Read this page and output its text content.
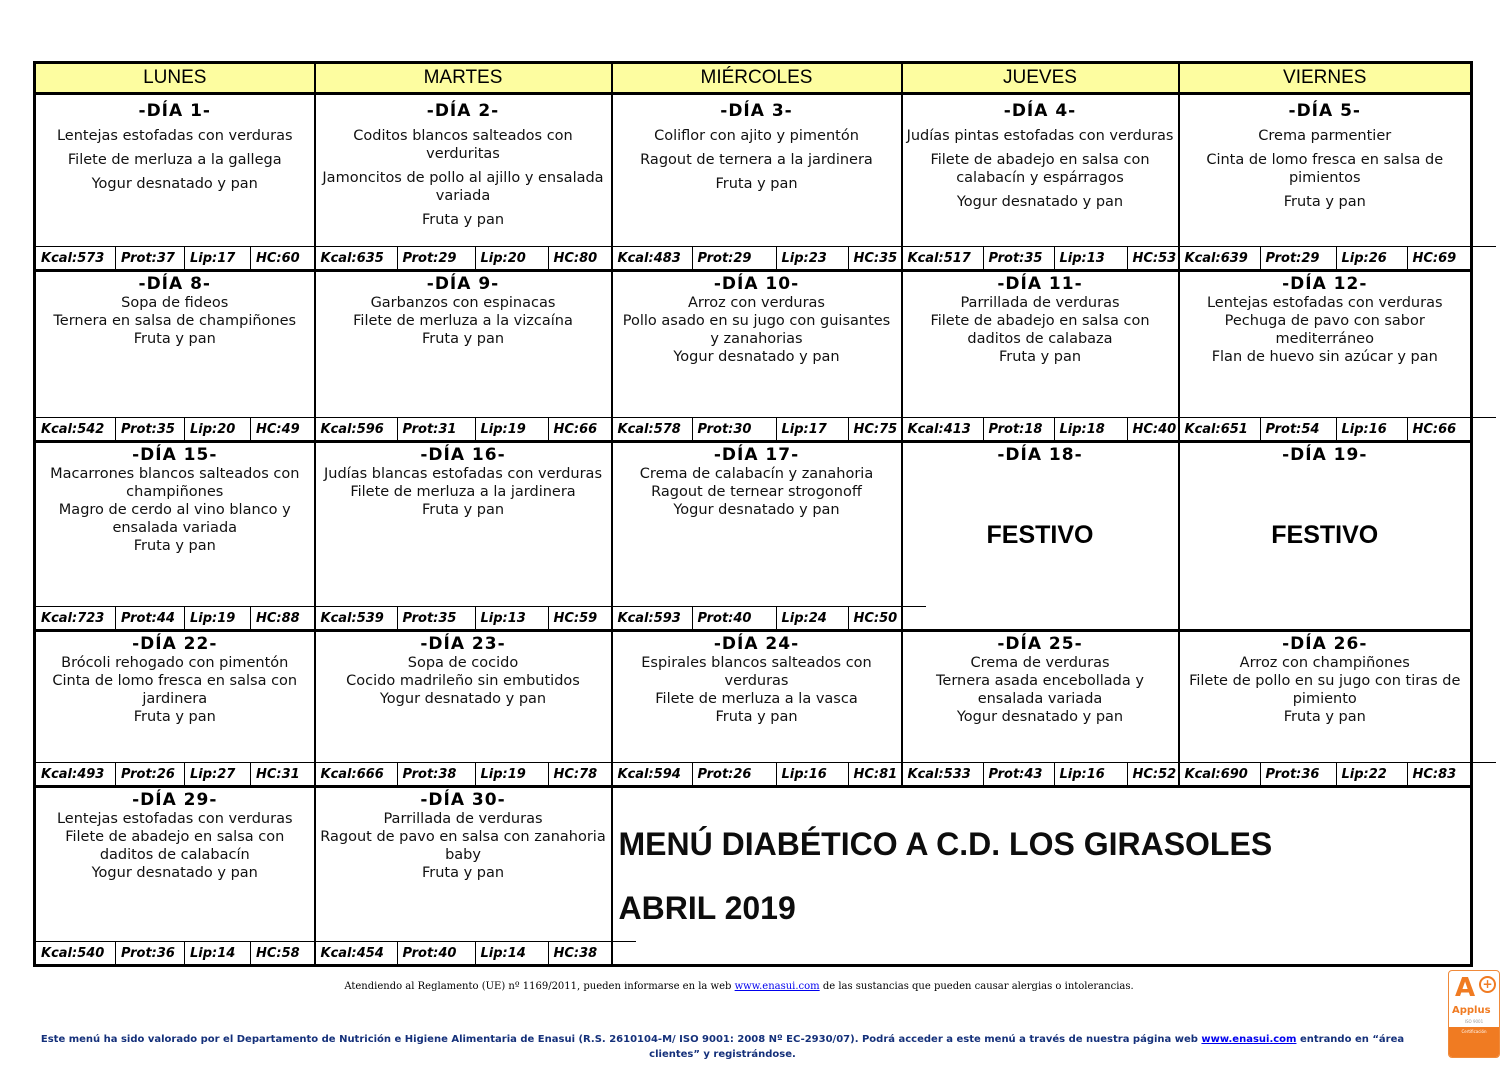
LUNES	MARTES	MIÉRCOLES	JUEVES	VIERNES

-DÍA 1-
Lentejas estofadas con verduras
Filete de merluza a la gallega
Yogur desnatado y pan
Kcal:573	Prot:37	Lip:17	HC:60

-DÍA 2-
Coditos blancos salteados con verduritas
Jamoncitos de pollo al ajillo y ensalada variada
Fruta y pan
Kcal:635	Prot:29	Lip:20	HC:80

-DÍA 3-
Coliflor con ajito y pimentón
Ragout de ternera a la jardinera
Fruta y pan
Kcal:483	Prot:29	Lip:23	HC:35

-DÍA 4-
Judías pintas estofadas con verduras
Filete de abadejo en salsa con calabacín y espárragos
Yogur desnatado y pan
Kcal:517	Prot:35	Lip:13	HC:53

-DÍA 5-
Crema parmentier
Cinta de lomo fresca en salsa de pimientos
Fruta y pan
Kcal:639	Prot:29	Lip:26	HC:69

-DÍA 8-
Sopa de fideos
Ternera en salsa de champiñones
Fruta y pan
Kcal:542	Prot:35	Lip:20	HC:49

-DÍA 9-
Garbanzos con espinacas
Filete de merluza a la vizcaína
Fruta y pan
Kcal:596	Prot:31	Lip:19	HC:66

-DÍA 10-
Arroz con verduras
Pollo asado en su jugo con guisantes y zanahorias
Yogur desnatado y pan
Kcal:578	Prot:30	Lip:17	HC:75

-DÍA 11-
Parrillada de verduras
Filete de abadejo en salsa con daditos de calabaza
Fruta y pan
Kcal:413	Prot:18	Lip:18	HC:40

-DÍA 12-
Lentejas estofadas con verduras
Pechuga de pavo con sabor mediterráneo
Flan de huevo sin azúcar y pan
Kcal:651	Prot:54	Lip:16	HC:66

-DÍA 15-
Macarrones blancos salteados con champiñones
Magro de cerdo al vino blanco y ensalada variada
Fruta y pan
Kcal:723	Prot:44	Lip:19	HC:88

-DÍA 16-
Judías blancas estofadas con verduras
Filete de merluza a la jardinera
Fruta y pan
Kcal:539	Prot:35	Lip:13	HC:59

-DÍA 17-
Crema de calabacín y zanahoria
Ragout de ternear strogonoff
Yogur desnatado y pan
Kcal:593	Prot:40	Lip:24	HC:50

-DÍA 18-
FESTIVO

-DÍA 19-
FESTIVO

-DÍA 22-
Brócoli rehogado con pimentón
Cinta de lomo fresca en salsa con jardinera
Fruta y pan
Kcal:493	Prot:26	Lip:27	HC:31

-DÍA 23-
Sopa de cocido
Cocido madrileño sin embutidos
Yogur desnatado y pan
Kcal:666	Prot:38	Lip:19	HC:78

-DÍA 24-
Espirales blancos salteados con verduras
Filete de merluza a la vasca
Fruta y pan
Kcal:594	Prot:26	Lip:16	HC:81

-DÍA 25-
Crema de verduras
Ternera asada encebollada y ensalada variada
Yogur desnatado y pan
Kcal:533	Prot:43	Lip:16	HC:52

-DÍA 26-
Arroz con champiñones
Filete de pollo en su jugo con tiras de pimiento
Fruta y pan
Kcal:690	Prot:36	Lip:22	HC:83

-DÍA 29-
Lentejas estofadas con verduras
Filete de abadejo en salsa con daditos de calabacín
Yogur desnatado y pan
Kcal:540	Prot:36	Lip:14	HC:58

-DÍA 30-
Parrillada de verduras
Ragout de pavo en salsa con zanahoria baby
Fruta y pan
Kcal:454	Prot:40	Lip:14	HC:38

MENÚ DIABÉTICO A C.D. LOS GIRASOLES
ABRIL 2019
Atendiendo al Reglamento (UE) nº 1169/2011, pueden informarse en la web www.enasui.com de las sustancias que pueden causar alergias o intolerancias.
Este menú ha sido valorado por el Departamento de Nutrición e Higiene Alimentaria de Enasui (R.S. 2610104-M/ ISO 9001: 2008 Nº EC-2930/07). Podrá acceder a este menú a través de nuestra página web www.enasui.com entrando en “área clientes” y registrándose.
A +
Applus
ISO 9001
Certificación
